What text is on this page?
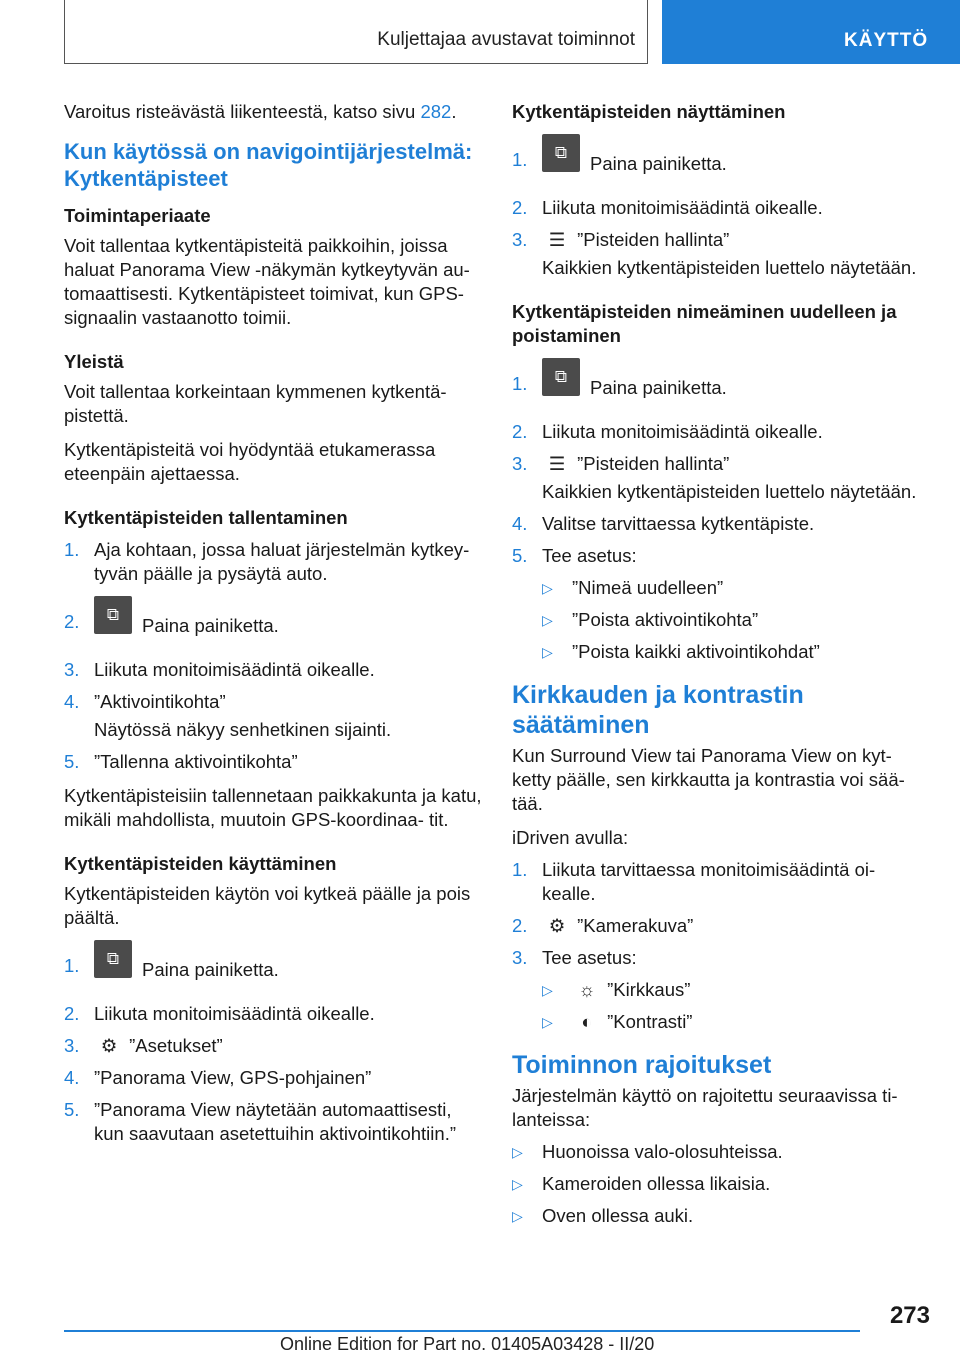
Kuljettajaa avustavat toiminnot	KÄYTTÖ

Varoitus risteävästä liikenteestä, katso sivu 282.

Kun käytössä on navigointijärjestelmä: Kytkentäpisteet
Toimintaperiaate

Voit tallentaa kytkentäpisteitä paikkoihin, joissa haluat Panorama View -näkymän kytkeytyvän au- tomaattisesti. Kytkentäpisteet toimivat, kun GPS- signaalin vastaanotto toimii.

Yleistä

Voit tallentaa korkeintaan kymmenen kytkentä- pistettä.

Kytkentäpisteitä voi hyödyntää etukamerassa eteenpäin ajettaessa.

Kytkentäpisteiden tallentaminen
1. Aja kohtaan, jossa haluat järjestelmän kytkey- tyvän päälle ja pysäytä auto.
2. ⧉Paina painiketta.
3. Liikuta monitoimisäädintä oikealle.
4. ”Aktivointikohta”
Näytössä näkyy senhetkinen sijainti.
5. ”Tallenna aktivointikohta”

Kytkentäpisteisiin tallennetaan paikkakunta ja katu, mikäli mahdollista, muutoin GPS-koordinaa- tit.

Kytkentäpisteiden käyttäminen

Kytkentäpisteiden käytön voi kytkeä päälle ja pois päältä.

1. ⧉Paina painiketta.
2. Liikuta monitoimisäädintä oikealle.
3. ⚙ ”Asetukset”
4. ”Panorama View, GPS-pohjainen”
5. ”Panorama View näytetään automaattisesti, kun saavutaan asetettuihin aktivointikohtiin.”
Kytkentäpisteiden näyttäminen
1. ⧉Paina painiketta.
2. Liikuta monitoimisäädintä oikealle.
3. ☰ ”Pisteiden hallinta”
Kaikkien kytkentäpisteiden luettelo näytetään.
Kytkentäpisteiden nimeäminen uudelleen ja poistaminen
1. ⧉Paina painiketta.
2. Liikuta monitoimisäädintä oikealle.
3. ☰ ”Pisteiden hallinta”
Kaikkien kytkentäpisteiden luettelo näytetään.
4. Valitse tarvittaessa kytkentäpiste.
5. Tee asetus:
▷ ”Nimeä uudelleen”
▷ ”Poista aktivointikohta”
▷ ”Poista kaikki aktivointikohdat”
Kirkkauden ja kontrastin säätäminen

Kun Surround View tai Panorama View on kyt- ketty päälle, sen kirkkautta ja kontrastia voi sää- tää.

iDriven avulla:

1. Liikuta tarvittaessa monitoimisäädintä oi- kealle.
2. ⚙ ”Kamerakuva”
3. Tee asetus:
▷ ☼ ”Kirkkaus”
▷ ◐ ”Kontrasti”
Toiminnon rajoitukset

Järjestelmän käyttö on rajoitettu seuraavissa ti- lanteissa:

▷ Huonoissa valo-olosuhteissa.
▷ Kameroiden ollessa likaisia.
▷ Oven ollessa auki.
273
Online Edition for Part no. 01405A03428 - II/20
